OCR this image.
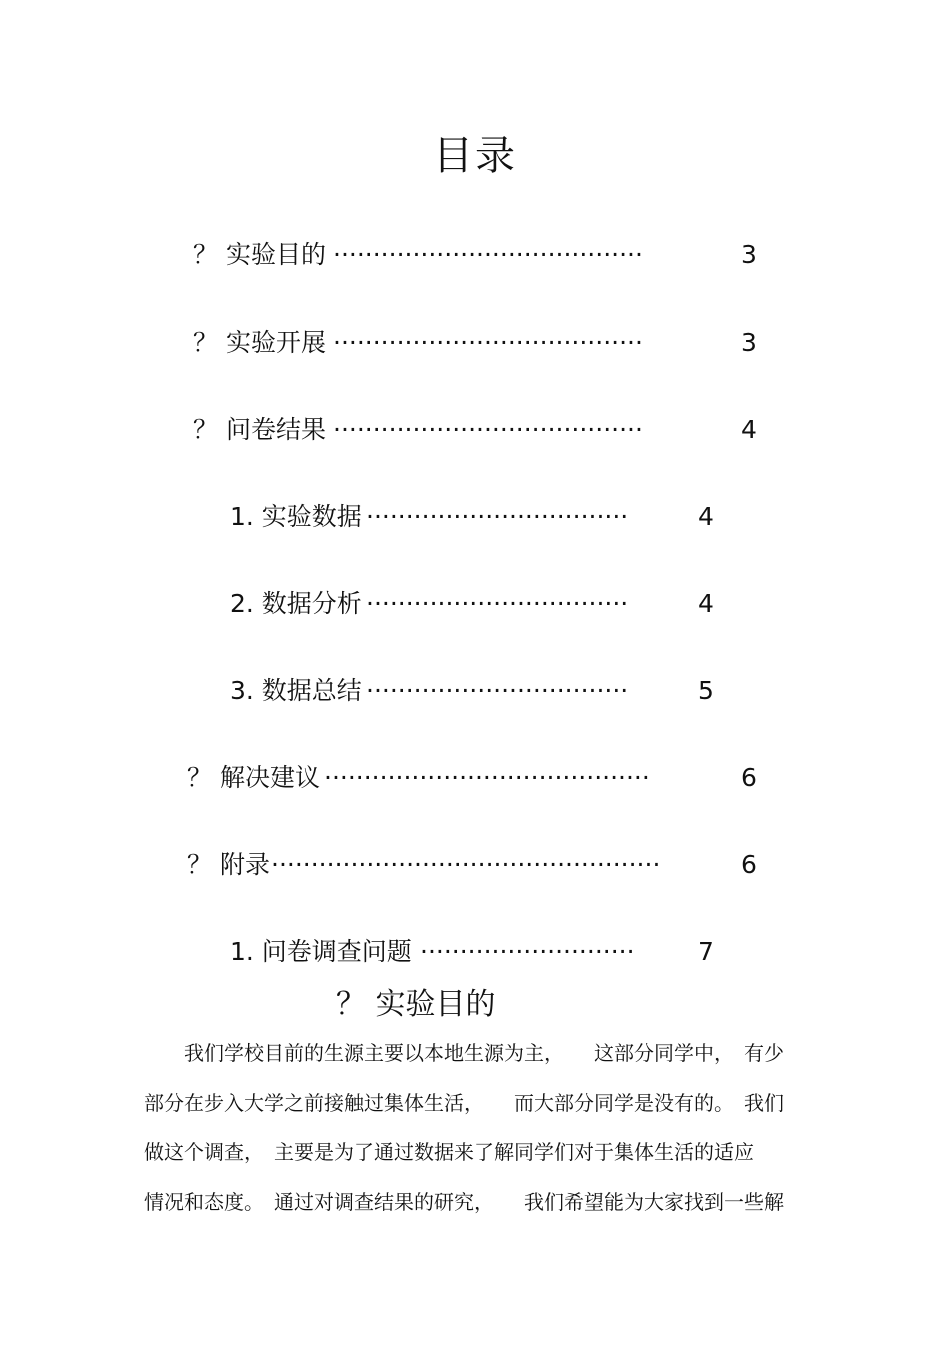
目录
？ 实验目的 ·······································	3
？ 实验开展 ·······································	3
？ 问卷结果 ·······································	4
1. 实验数据 ·································	4
2. 数据分析 ·································	4
3. 数据总结 ·································	5
？ 解决建议 ·········································	6
？ 附录 ·················································	6
1. 问卷调查问题 ···························	7
？ 实验目的
　　我们学校目前的生源主要以本地生源为主，　　这部分同学中，　有少
部分在步入大学之前接触过集体生活，　　而大部分同学是没有的。　我们
做这个调查，　主要是为了通过数据来了解同学们对于集体生活的适应
情况和态度。　通过对调查结果的研究，　　我们希望能为大家找到一些解
